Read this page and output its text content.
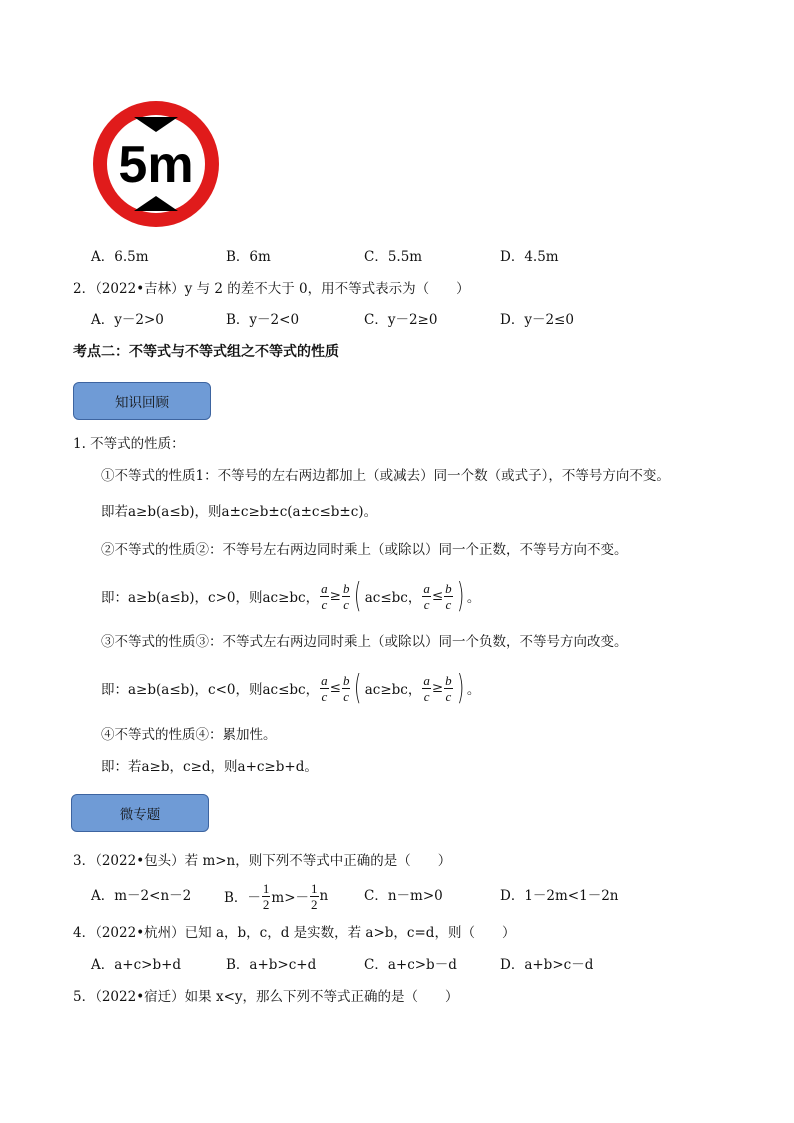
5m
A．6.5m	B．6m	C．5.5m	D．4.5m
2．（2022•吉林）y 与 2 的差不大于 0，用不等式表示为（　　）
A．y－2>0	B．y－2<0	C．y－2≥0	D．y－2≤0
考点二：不等式与不等式组之不等式的性质
知识回顾
1. 不等式的性质：
①不等式的性质1：不等号的左右两边都加上（或减去）同一个数（或式子），不等号方向不变。
即若a≥b(a≤b)，则a±c≥b±c(a±c≤b±c)。
②不等式的性质②：不等号左右两边同时乘上（或除以）同一个正数，不等号方向不变。
即：a≥b(a≤b)，c>0，则ac≥bc， $\frac{a}{c} \ge \frac{b}{c}$ ( ac≤bc， $\frac{a}{c} \le \frac{b}{c}$ ) 。
③不等式的性质③：不等式左右两边同时乘上（或除以）同一个负数，不等号方向改变。
即：a≥b(a≤b)，c<0，则ac≤bc， $\frac{a}{c} \le \frac{b}{c}$ ( ac≥bc， $\frac{a}{c} \ge \frac{b}{c}$ ) 。
④不等式的性质④：累加性。
即：若a≥b，c≥d，则a+c≥b+d。
微专题
3．（2022•包头）若 m>n，则下列不等式中正确的是（　　）
A．m－2<n－2 B．－ $\frac{1}{2} m>- \frac{1}{2}$ n	C．n－m>0	D．1－2m<1－2n
4．（2022•杭州）已知 a，b，c，d 是实数，若 a>b，c=d，则（　　）
A．a+c>b+d	B．a+b>c+d	C．a+c>b－d	D．a+b>c－d
5．（2022•宿迁）如果 x<y，那么下列不等式正确的是（　　）
